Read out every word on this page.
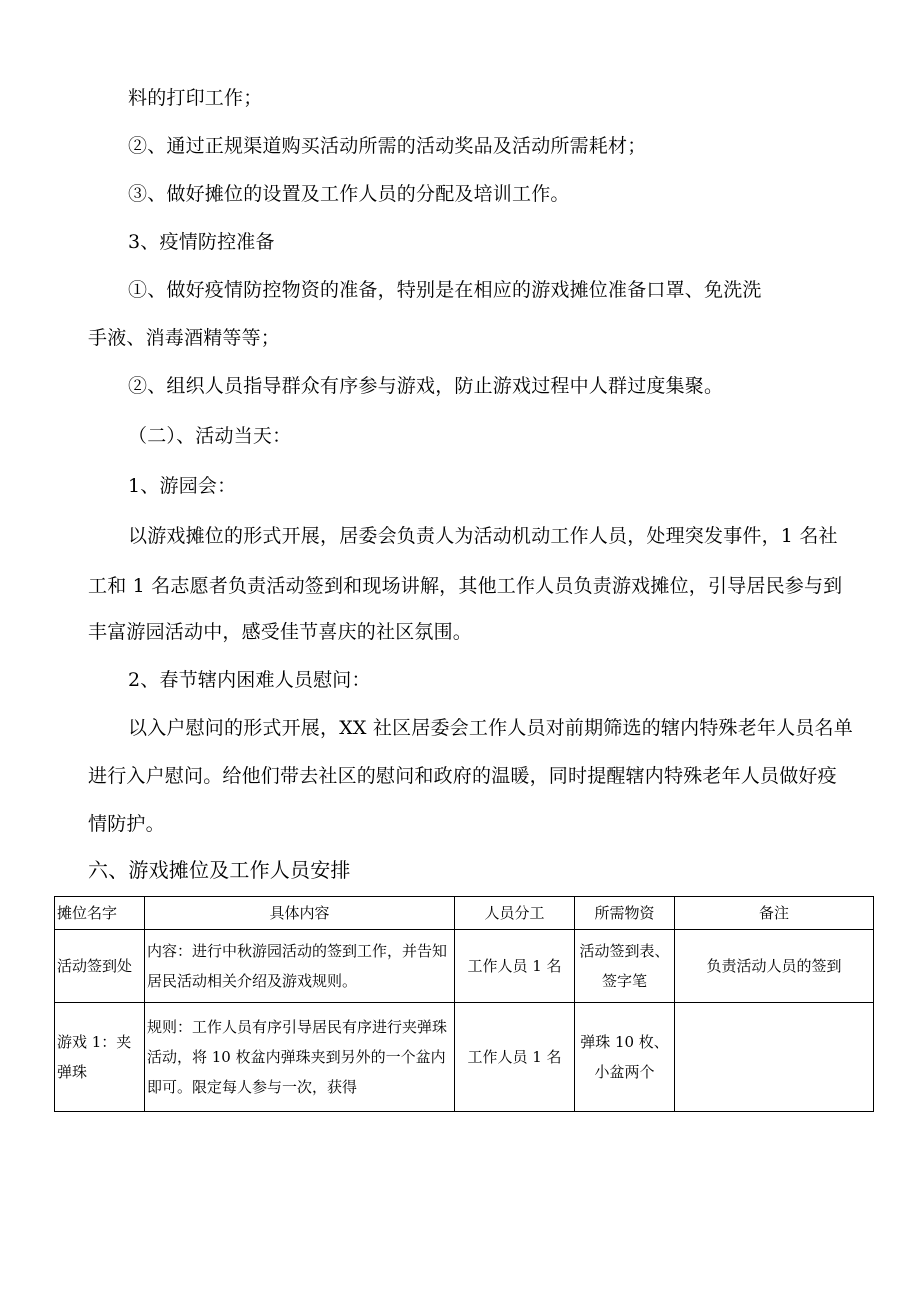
料的打印工作；
②、通过正规渠道购买活动所需的活动奖品及活动所需耗材；
③、做好摊位的设置及工作人员的分配及培训工作。
3、疫情防控准备
①、做好疫情防控物资的准备，特别是在相应的游戏摊位准备口罩、免洗洗
手液、消毒酒精等等；
②、组织人员指导群众有序参与游戏，防止游戏过程中人群过度集聚。
（二）、活动当天：
1、游园会：
以游戏摊位的形式开展，居委会负责人为活动机动工作人员，处理突发事件，1 名社
工和 1 名志愿者负责活动签到和现场讲解，其他工作人员负责游戏摊位，引导居民参与到
丰富游园活动中，感受佳节喜庆的社区氛围。
2、春节辖内困难人员慰问：
以入户慰问的形式开展，XX 社区居委会工作人员对前期筛选的辖内特殊老年人员名单
进行入户慰问。给他们带去社区的慰问和政府的温暖，同时提醒辖内特殊老年人员做好疫
情防护。
六、游戏摊位及工作人员安排
摊位名字	具体内容	人员分工	所需物资	备注
活动签到处	内容：进行中秋游园活动的签到工作，并告知居民活动相关介绍及游戏规则。	工作人员 1 名	活动签到表、签字笔	负责活动人员的签到
游戏 1：夹弹珠	规则：工作人员有序引导居民有序进行夹弹珠活动，将 10 枚盆内弹珠夹到另外的一个盆内即可。限定每人参与一次，获得	工作人员 1 名	弹珠 10 枚、小盆两个	
